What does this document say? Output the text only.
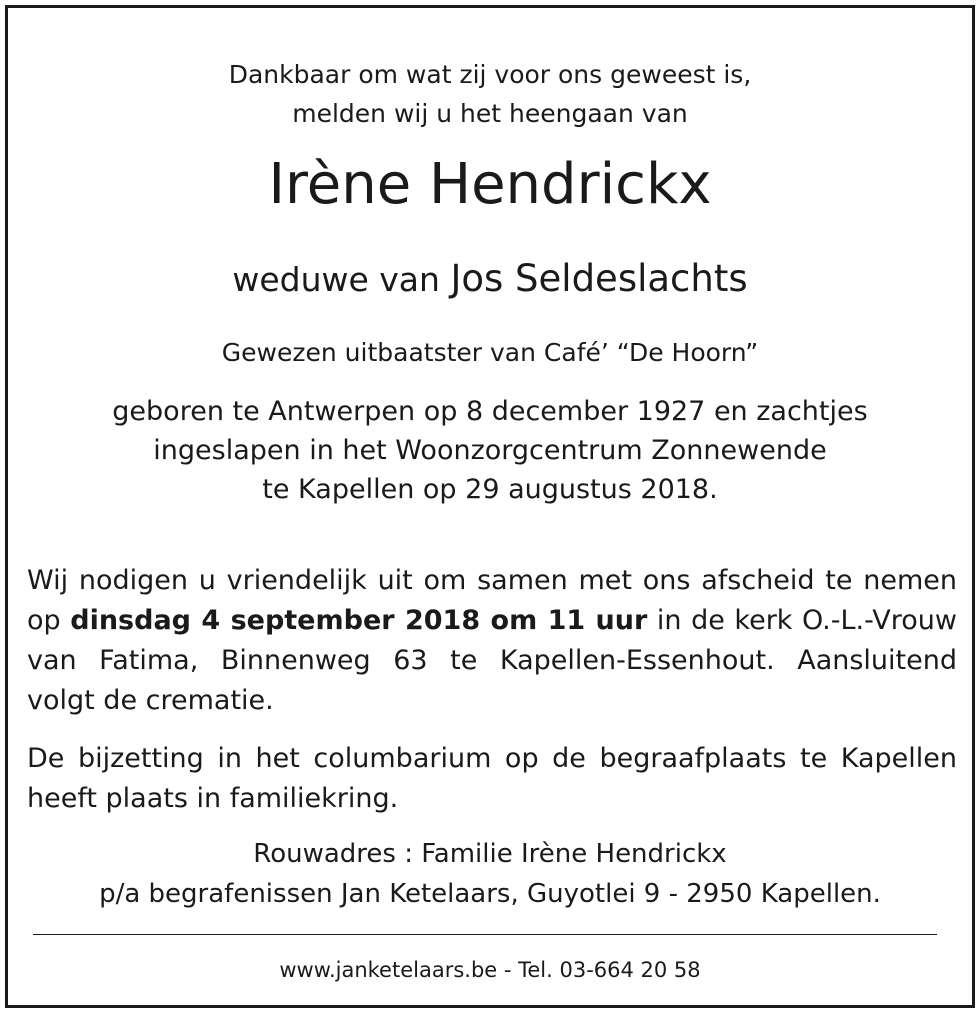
Dankbaar om wat zij voor ons geweest is,
melden wij u het heengaan van
Irène Hendrickx
weduwe van Jos Seldeslachts
Gewezen uitbaatster van Café’ “De Hoorn”
geboren te Antwerpen op 8 december 1927 en zachtjes
ingeslapen in het Woonzorgcentrum Zonnewende
te Kapellen op 29 augustus 2018.
Wij nodigen u vriendelijk uit om samen met ons afscheid te nemen
op dinsdag 4 september 2018 om 11 uur in de kerk O.-L.-Vrouw
van Fatima, Binnenweg 63 te Kapellen-Essenhout. Aansluitend
volgt de crematie.
De bijzetting in het columbarium op de begraafplaats te Kapellen
heeft plaats in familiekring.
Rouwadres : Familie Irène Hendrickx
p/a begrafenissen Jan Ketelaars, Guyotlei 9 - 2950 Kapellen.
www.janketelaars.be - Tel. 03-664 20 58
